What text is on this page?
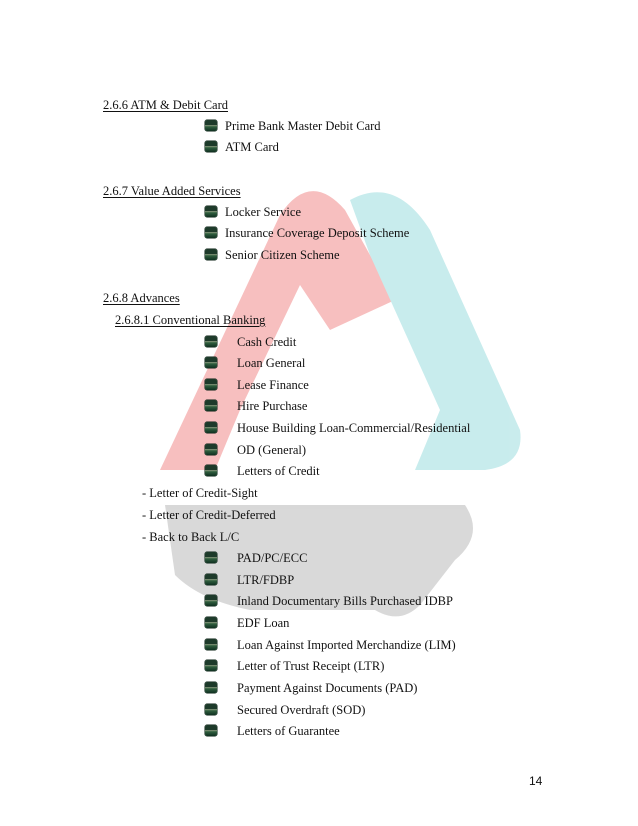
2.6.6 ATM & Debit Card
Prime Bank Master Debit Card
ATM Card
2.6.7 Value Added Services
Locker Service
Insurance Coverage Deposit Scheme
Senior Citizen Scheme
2.6.8 Advances
2.6.8.1 Conventional Banking
Cash Credit
Loan General
Lease Finance
Hire Purchase
House Building Loan-Commercial/Residential
OD (General)
Letters of Credit
- Letter of Credit-Sight
- Letter of Credit-Deferred
- Back to Back L/C
PAD/PC/ECC
LTR/FDBP
Inland Documentary Bills Purchased IDBP
EDF Loan
Loan Against Imported Merchandize (LIM)
Letter of Trust Receipt (LTR)
Payment Against Documents (PAD)
Secured Overdraft (SOD)
Letters of Guarantee
14
